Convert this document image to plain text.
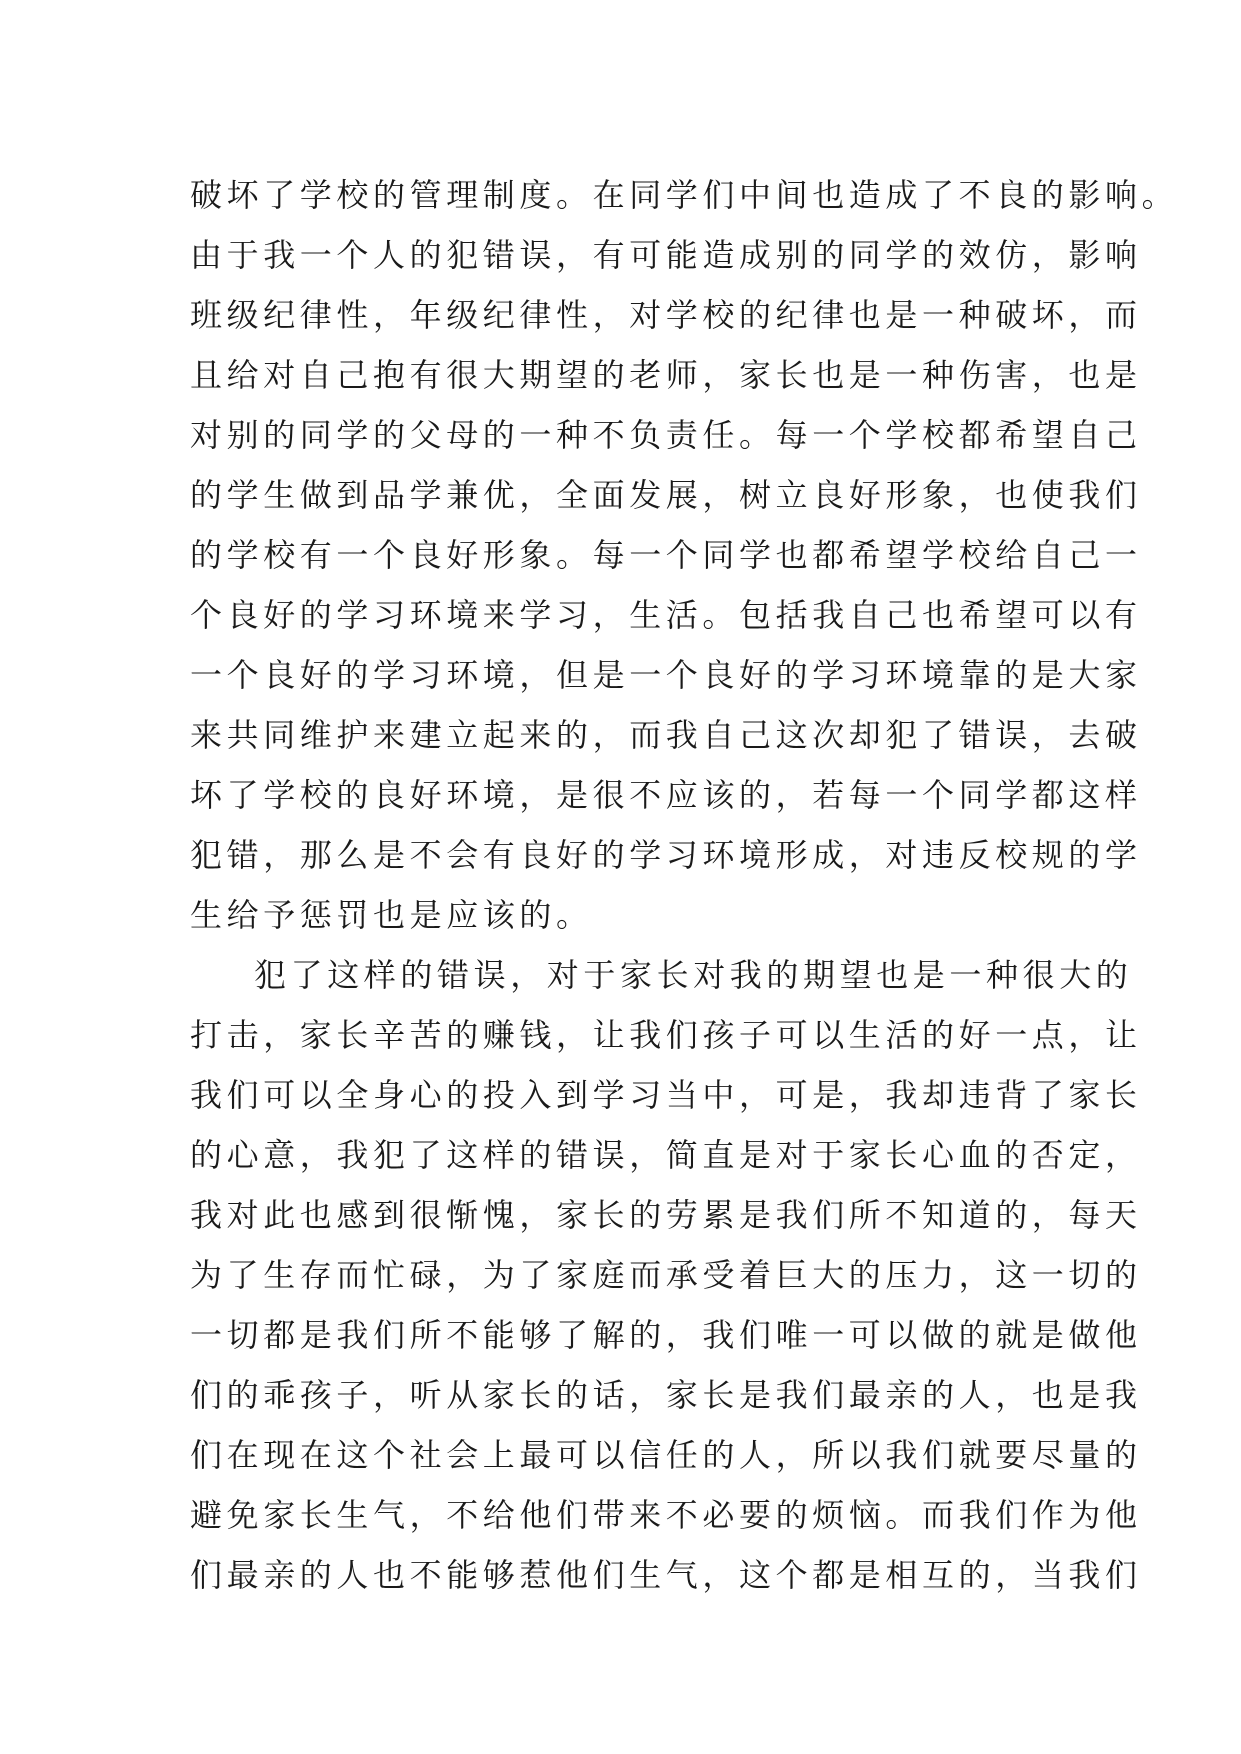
破坏了学校的管理制度。在同学们中间也造成了不良的影响。
由于我一个人的犯错误，有可能造成别的同学的效仿，影响
班级纪律性，年级纪律性，对学校的纪律也是一种破坏，而
且给对自己抱有很大期望的老师，家长也是一种伤害，也是
对别的同学的父母的一种不负责任。每一个学校都希望自己
的学生做到品学兼优，全面发展，树立良好形象，也使我们
的学校有一个良好形象。每一个同学也都希望学校给自己一
个良好的学习环境来学习，生活。包括我自己也希望可以有
一个良好的学习环境，但是一个良好的学习环境靠的是大家
来共同维护来建立起来的，而我自己这次却犯了错误，去破
坏了学校的良好环境，是很不应该的，若每一个同学都这样
犯错，那么是不会有良好的学习环境形成，对违反校规的学
生给予惩罚也是应该的。
犯了这样的错误，对于家长对我的期望也是一种很大的
打击，家长辛苦的赚钱，让我们孩子可以生活的好一点，让
我们可以全身心的投入到学习当中，可是，我却违背了家长
的心意，我犯了这样的错误，简直是对于家长心血的否定，
我对此也感到很惭愧，家长的劳累是我们所不知道的，每天
为了生存而忙碌，为了家庭而承受着巨大的压力，这一切的
一切都是我们所不能够了解的，我们唯一可以做的就是做他
们的乖孩子，听从家长的话，家长是我们最亲的人，也是我
们在现在这个社会上最可以信任的人，所以我们就要尽量的
避免家长生气，不给他们带来不必要的烦恼。而我们作为他
们最亲的人也不能够惹他们生气，这个都是相互的，当我们
